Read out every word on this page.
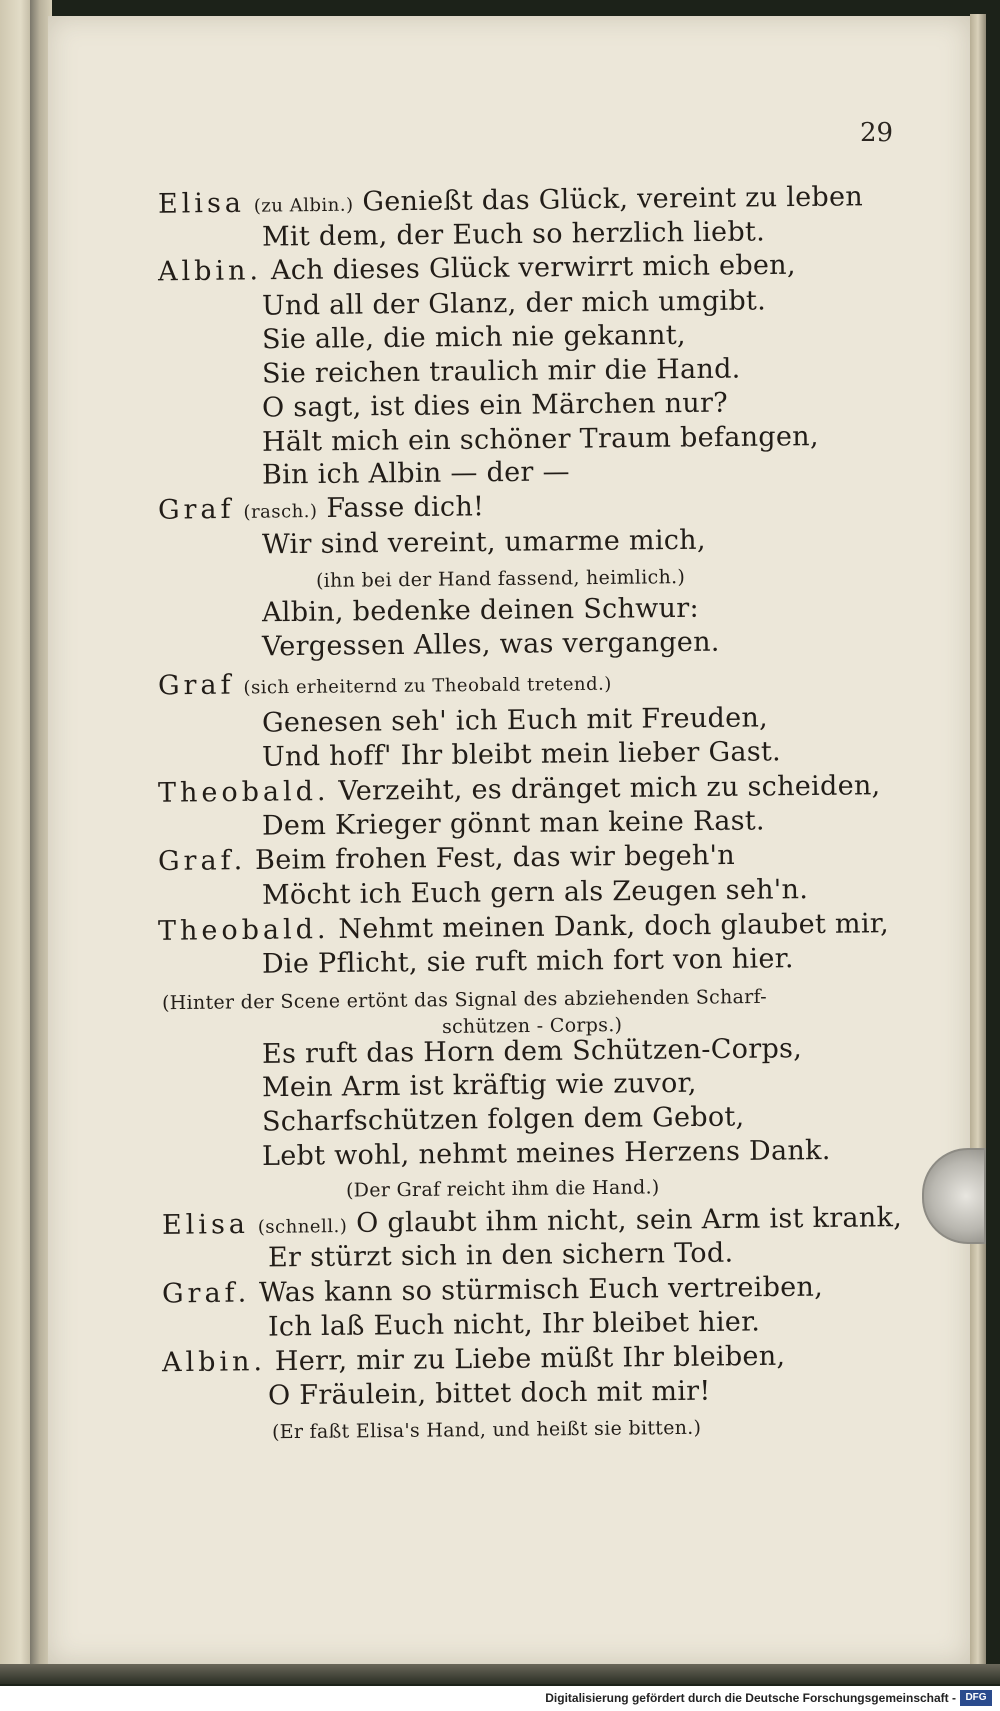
29
Elisa (zu Albin.) Genießt das Glück, vereint zu leben
Mit dem, der Euch so herzlich liebt.
Albin. Ach dieses Glück verwirrt mich eben,
Und all der Glanz, der mich umgibt.
Sie alle, die mich nie gekannt,
Sie reichen traulich mir die Hand.
O sagt, ist dies ein Märchen nur?
Hält mich ein schöner Traum befangen,
Bin ich Albin — der —
Graf (rasch.) Fasse dich!
Wir sind vereint, umarme mich,
(ihn bei der Hand fassend, heimlich.)
Albin, bedenke deinen Schwur:
Vergessen Alles, was vergangen.
Graf (sich erheiternd zu Theobald tretend.)
Genesen seh' ich Euch mit Freuden,
Und hoff' Ihr bleibt mein lieber Gast.
Theobald. Verzeiht, es dränget mich zu scheiden,
Dem Krieger gönnt man keine Rast.
Graf. Beim frohen Fest, das wir begeh'n
Möcht ich Euch gern als Zeugen seh'n.
Theobald. Nehmt meinen Dank, doch glaubet mir,
Die Pflicht, sie ruft mich fort von hier.
(Hinter der Scene ertönt das Signal des abziehenden Scharf-
schützen - Corps.)
Es ruft das Horn dem Schützen-Corps,
Mein Arm ist kräftig wie zuvor,
Scharfschützen folgen dem Gebot,
Lebt wohl, nehmt meines Herzens Dank.
(Der Graf reicht ihm die Hand.)
Elisa (schnell.) O glaubt ihm nicht, sein Arm ist krank,
Er stürzt sich in den sichern Tod.
Graf. Was kann so stürmisch Euch vertreiben,
Ich laß Euch nicht, Ihr bleibet hier.
Albin. Herr, mir zu Liebe müßt Ihr bleiben,
O Fräulein, bittet doch mit mir!
(Er faßt Elisa's Hand, und heißt sie bitten.)
Digitalisierung gefördert durch die Deutsche Forschungsgemeinschaft - DFG
